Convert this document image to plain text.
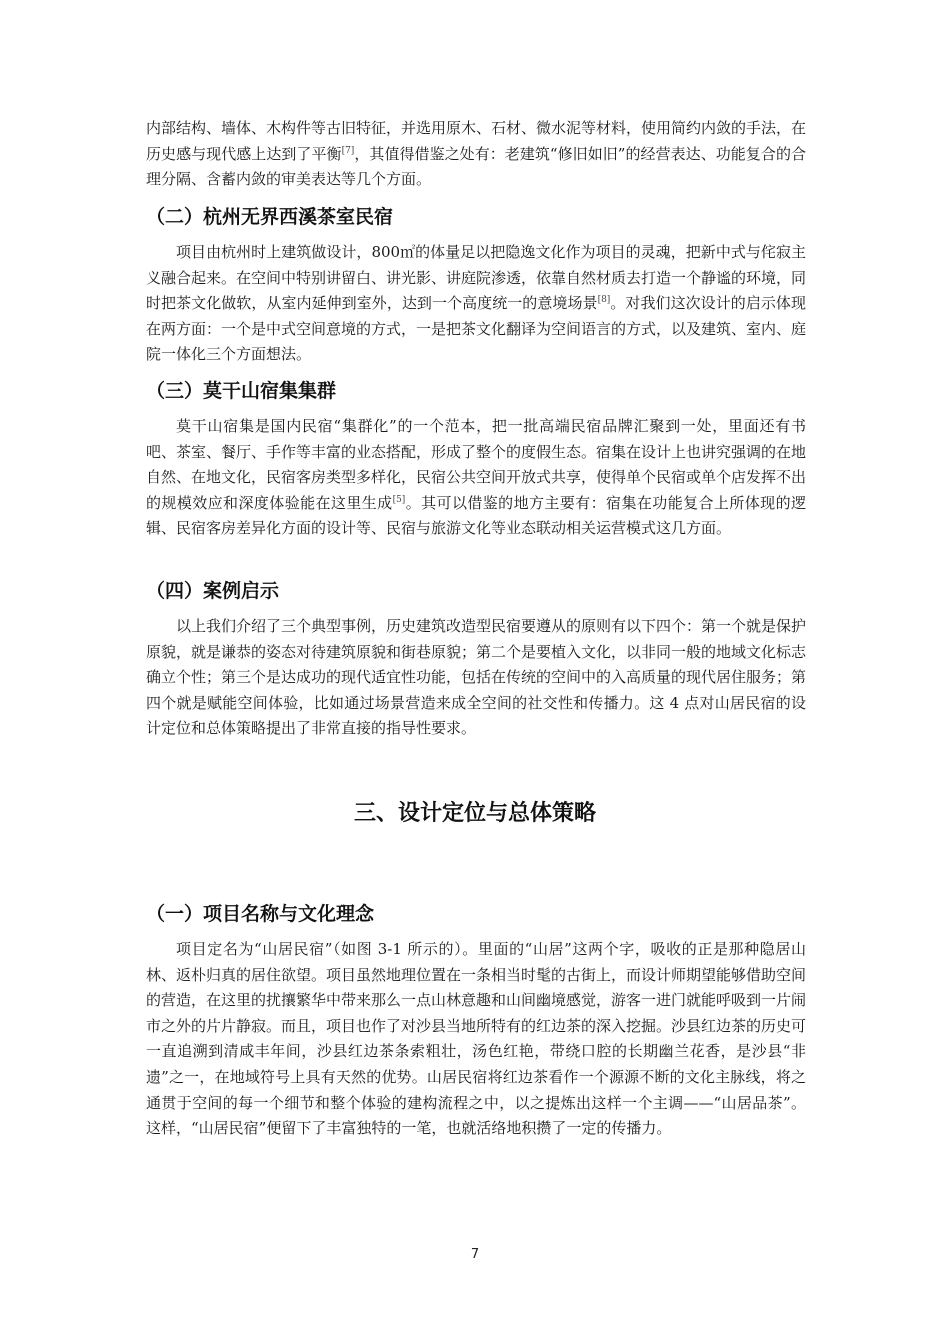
内部结构、墙体、木构件等古旧特征，并选用原木、石材、微水泥等材料，使用简约内敛的手法，在历史感与现代感上达到了平衡[7]，其值得借鉴之处有：老建筑“修旧如旧”的经营表达、功能复合的合理分隔、含蓄内敛的审美表达等几个方面。

（二）杭州无界西溪茶室民宿

项目由杭州时上建筑做设计，800㎡的体量足以把隐逸文化作为项目的灵魂，把新中式与侘寂主义融合起来。在空间中特别讲留白、讲光影、讲庭院渗透，依靠自然材质去打造一个静谧的环境，同时把茶文化做软，从室内延伸到室外，达到一个高度统一的意境场景[8]。对我们这次设计的启示体现在两方面：一个是中式空间意境的方式，一是把茶文化翻译为空间语言的方式，以及建筑、室内、庭院一体化三个方面想法。

（三）莫干山宿集集群

莫干山宿集是国内民宿“集群化”的一个范本，把一批高端民宿品牌汇聚到一处，里面还有书吧、茶室、餐厅、手作等丰富的业态搭配，形成了整个的度假生态。宿集在设计上也讲究强调的在地自然、在地文化，民宿客房类型多样化，民宿公共空间开放式共享，使得单个民宿或单个店发挥不出的规模效应和深度体验能在这里生成[5]。其可以借鉴的地方主要有：宿集在功能复合上所体现的逻辑、民宿客房差异化方面的设计等、民宿与旅游文化等业态联动相关运营模式这几方面。

（四）案例启示

以上我们介绍了三个典型事例，历史建筑改造型民宿要遵从的原则有以下四个：第一个就是保护原貌，就是谦恭的姿态对待建筑原貌和街巷原貌；第二个是要植入文化，以非同一般的地域文化标志确立个性；第三个是达成功的现代适宜性功能，包括在传统的空间中的入高质量的现代居住服务；第四个就是赋能空间体验，比如通过场景营造来成全空间的社交性和传播力。这 4 点对山居民宿的设计定位和总体策略提出了非常直接的指导性要求。

三、设计定位与总体策略
（一）项目名称与文化理念

项目定名为“山居民宿”（如图 3-1 所示的）。里面的“山居”这两个字，吸收的正是那种隐居山林、返朴归真的居住欲望。项目虽然地理位置在一条相当时髦的古街上，而设计师期望能够借助空间的营造，在这里的扰攘繁华中带来那么一点山林意趣和山间幽境感觉，游客一进门就能呼吸到一片闹市之外的片片静寂。而且，项目也作了对沙县当地所特有的红边茶的深入挖掘。沙县红边茶的历史可一直追溯到清咸丰年间，沙县红边茶条索粗壮，汤色红艳，带绕口腔的长期幽兰花香，是沙县“非遗”之一，在地域符号上具有天然的优势。山居民宿将红边茶看作一个源源不断的文化主脉线，将之通贯于空间的每一个细节和整个体验的建构流程之中，以之提炼出这样一个主调——“山居品茶”。这样，“山居民宿”便留下了丰富独特的一笔，也就活络地积攒了一定的传播力。

7
